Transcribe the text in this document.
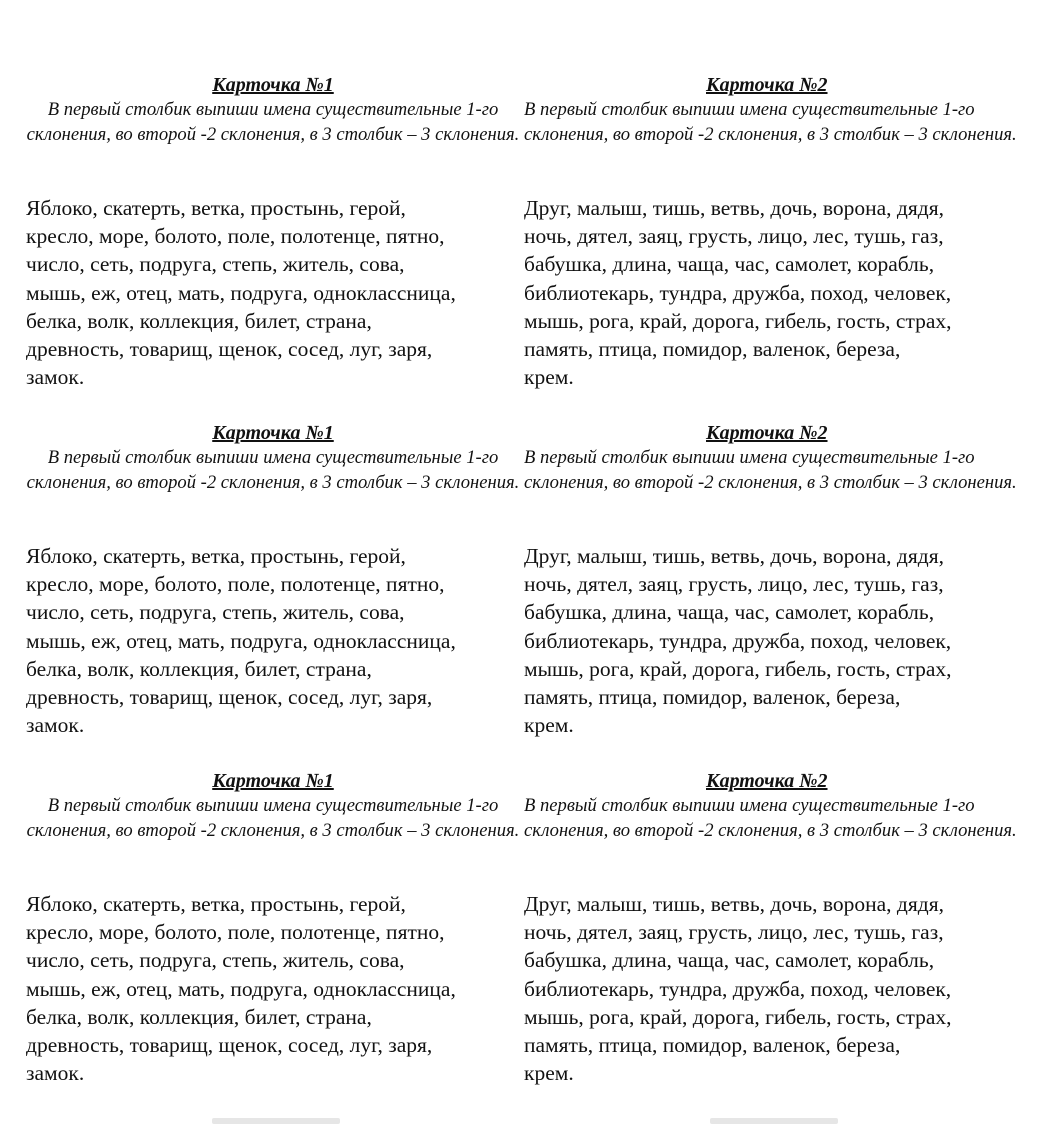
Карточка №1
В первый столбик выпиши имена существительные 1-го склонения, во второй -2 склонения, в 3 столбик – 3 склонения.
Яблоко, скатерть, ветка, простынь, герой,
кресло, море, болото, поле, полотенце, пятно,
число, сеть, подруга, степь, житель, сова,
мышь, еж, отец, мать, подруга, одноклассница,
белка, волк, коллекция, билет, страна,
древность, товарищ, щенок, сосед, луг, заря,
замок.
Карточка №2
В первый столбик выпиши имена существительные 1-го склонения, во второй -2 склонения, в 3 столбик – 3 склонения.
Друг, малыш, тишь, ветвь, дочь, ворона, дядя,
ночь, дятел, заяц, грусть, лицо, лес, тушь, газ,
бабушка, длина, чаща, час, самолет, корабль,
библиотекарь, тундра, дружба, поход, человек,
мышь, рога, край, дорога, гибель, гость, страх,
память, птица, помидор, валенок, береза,
крем.
Карточка №1
В первый столбик выпиши имена существительные 1-го склонения, во второй -2 склонения, в 3 столбик – 3 склонения.
Яблоко, скатерть, ветка, простынь, герой,
кресло, море, болото, поле, полотенце, пятно,
число, сеть, подруга, степь, житель, сова,
мышь, еж, отец, мать, подруга, одноклассница,
белка, волк, коллекция, билет, страна,
древность, товарищ, щенок, сосед, луг, заря,
замок.
Карточка №2
В первый столбик выпиши имена существительные 1-го склонения, во второй -2 склонения, в 3 столбик – 3 склонения.
Друг, малыш, тишь, ветвь, дочь, ворона, дядя,
ночь, дятел, заяц, грусть, лицо, лес, тушь, газ,
бабушка, длина, чаща, час, самолет, корабль,
библиотекарь, тундра, дружба, поход, человек,
мышь, рога, край, дорога, гибель, гость, страх,
память, птица, помидор, валенок, береза,
крем.
Карточка №1
В первый столбик выпиши имена существительные 1-го склонения, во второй -2 склонения, в 3 столбик – 3 склонения.
Яблоко, скатерть, ветка, простынь, герой,
кресло, море, болото, поле, полотенце, пятно,
число, сеть, подруга, степь, житель, сова,
мышь, еж, отец, мать, подруга, одноклассница,
белка, волк, коллекция, билет, страна,
древность, товарищ, щенок, сосед, луг, заря,
замок.
Карточка №2
В первый столбик выпиши имена существительные 1-го склонения, во второй -2 склонения, в 3 столбик – 3 склонения.
Друг, малыш, тишь, ветвь, дочь, ворона, дядя,
ночь, дятел, заяц, грусть, лицо, лес, тушь, газ,
бабушка, длина, чаща, час, самолет, корабль,
библиотекарь, тундра, дружба, поход, человек,
мышь, рога, край, дорога, гибель, гость, страх,
память, птица, помидор, валенок, береза,
крем.
